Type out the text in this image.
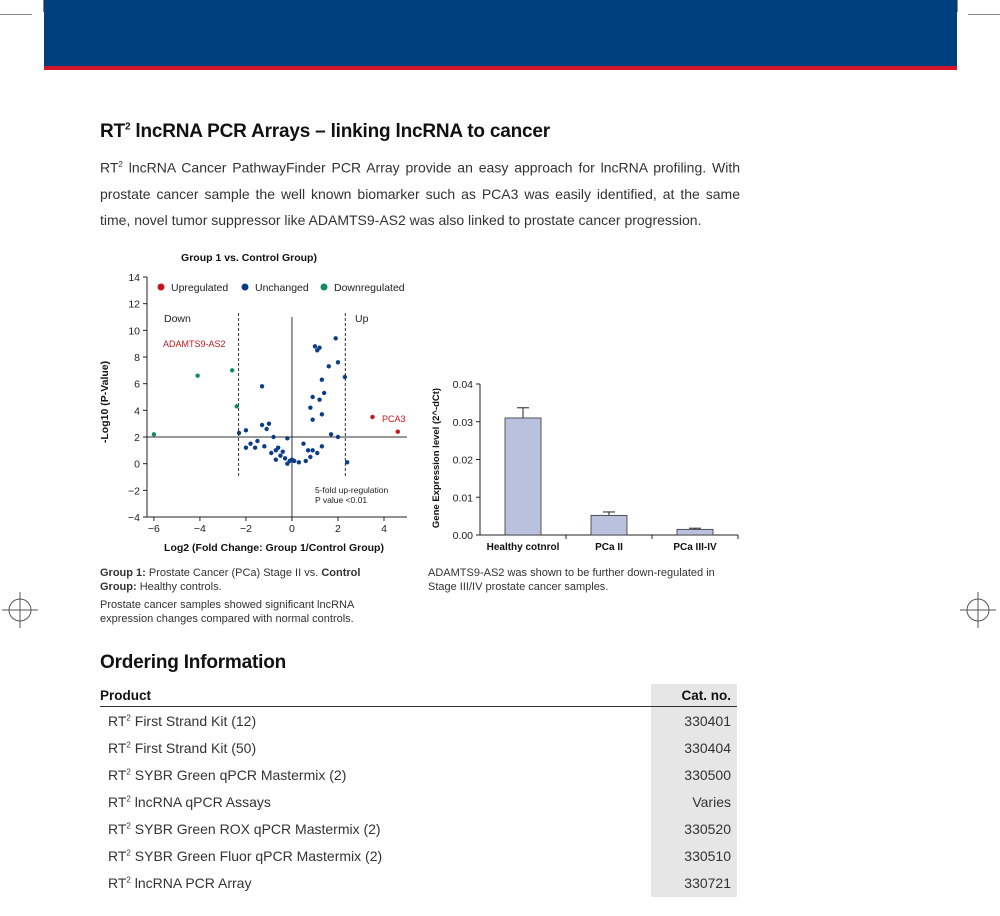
$RT^2$ lncRNA PCR Arrays – linking lncRNA to cancer
$RT^2$ lncRNA Cancer PathwayFinder PCR Array provide an easy approach for lncRNA profiling. With prostate cancer sample the well known biomarker such as PCA3 was easily identified, at the same time, novel tumor suppressor like ADAMTS9-AS2 was also linked to prostate cancer progression.
Group 1 vs. Control Group)
−6	−4	−2	0	2	4
14
12
10
8
6
4
2
0
−2
−4
Upregulated	Unchanged Downregulated
Down	Up
ADAMTS9-AS2
PCA3
5-fold up-regulation
P value <0.01
Log2 (Fold Change: Group 1/Control Group)
-Log10 (P-Value)	0.04
0.03
0.02
0.01
0.00
Healthy cotnrol	PCa II	PCa III-IV
Gene Expression level (2^-dCt)
Group 1: Prostate Cancer (PCa) Stage II vs. Control Group: Healthy controls.
Prostate cancer samples showed significant lncRNA expression changes compared with normal controls.
ADAMTS9-AS2 was shown to be further down-regulated in Stage III/IV prostate cancer samples.
Ordering Information
Product	Cat. no.
$RT^2$ First Strand Kit (12)	330401
$RT^2$ First Strand Kit (50)	330404
$RT^2$ SYBR Green qPCR Mastermix (2)	330500
$RT^2$ lncRNA qPCR Assays	Varies
$RT^2$ SYBR Green ROX qPCR Mastermix (2)	330520
$RT^2$ SYBR Green Fluor qPCR Mastermix (2)	330510
$RT^2$ lncRNA PCR Array	330721
